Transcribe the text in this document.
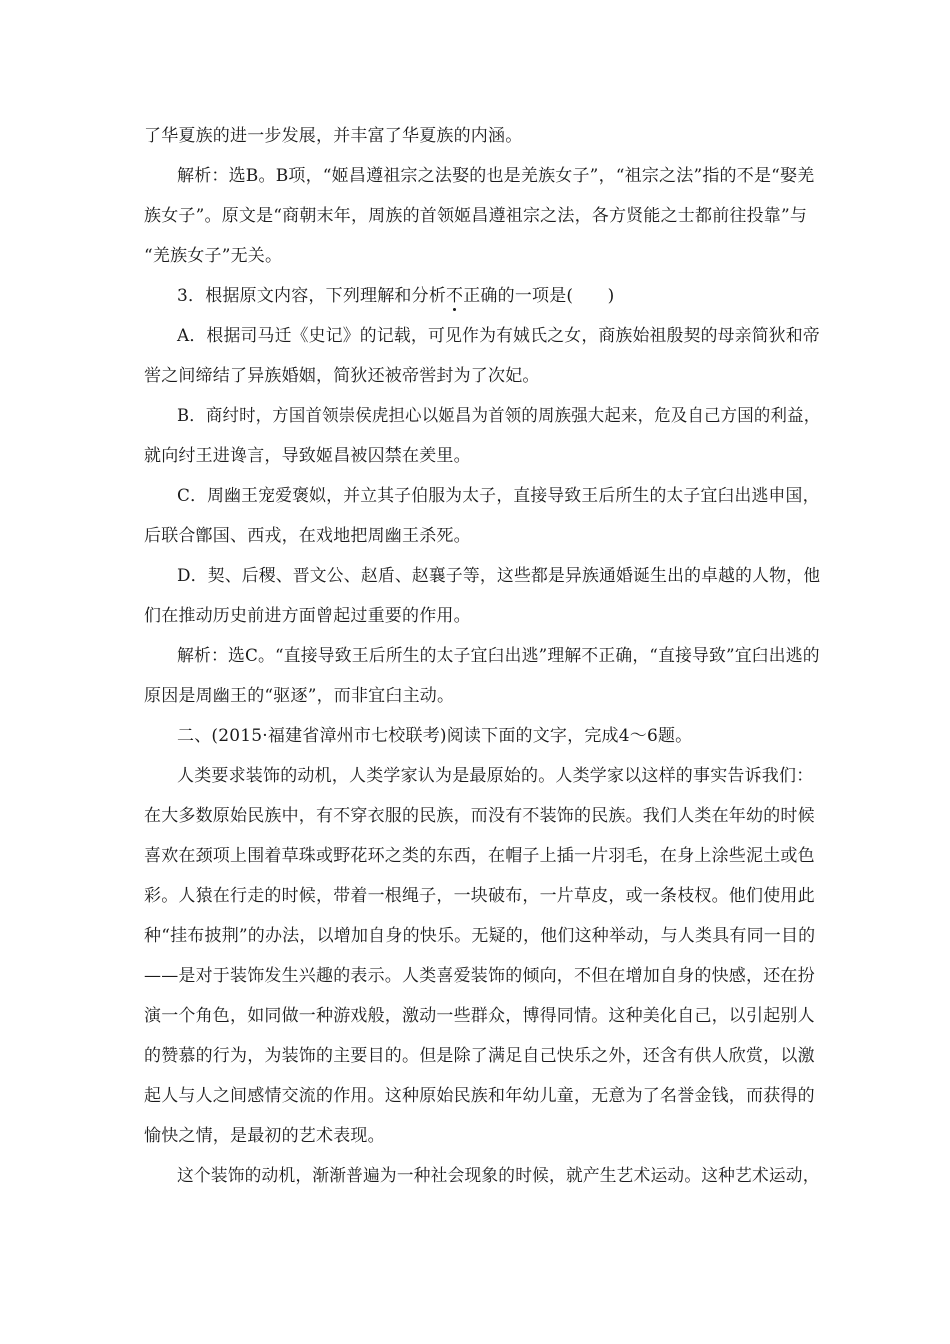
了华夏族的进一步发展，并丰富了华夏族的内涵。
解析：选B。B项，“姬昌遵祖宗之法娶的也是羌族女子”，“祖宗之法”指的不是“娶羌
族女子”。原文是“商朝末年，周族的首领姬昌遵祖宗之法，各方贤能之士都前往投靠”与
“羌族女子”无关。
3．根据原文内容，下列理解和分析不正确的一项是(　　)
A．根据司马迁《史记》的记载，可见作为有娀氏之女，商族始祖殷契的母亲简狄和帝
喾之间缔结了异族婚姻，简狄还被帝喾封为了次妃。
B．商纣时，方国首领崇侯虎担心以姬昌为首领的周族强大起来，危及自己方国的利益，
就向纣王进谗言，导致姬昌被囚禁在羑里。
C．周幽王宠爱褒姒，并立其子伯服为太子，直接导致王后所生的太子宜臼出逃申国，
后联合鄫国、西戎，在戏地把周幽王杀死。
D．契、后稷、晋文公、赵盾、赵襄子等，这些都是异族通婚诞生出的卓越的人物，他
们在推动历史前进方面曾起过重要的作用。
解析：选C。“直接导致王后所生的太子宜臼出逃”理解不正确，“直接导致”宜臼出逃的
原因是周幽王的“驱逐”，而非宜臼主动。
二、(2015·福建省漳州市七校联考)阅读下面的文字，完成4～6题。
人类要求装饰的动机，人类学家认为是最原始的。人类学家以这样的事实告诉我们：
在大多数原始民族中，有不穿衣服的民族，而没有不装饰的民族。我们人类在年幼的时候
喜欢在颈项上围着草珠或野花环之类的东西，在帽子上插一片羽毛，在身上涂些泥土或色
彩。人猿在行走的时候，带着一根绳子，一块破布，一片草皮，或一条枝杈。他们使用此
种“挂布披荆”的办法，以增加自身的快乐。无疑的，他们这种举动，与人类具有同一目的
——是对于装饰发生兴趣的表示。人类喜爱装饰的倾向，不但在增加自身的快感，还在扮
演一个角色，如同做一种游戏般，激动一些群众，博得同情。这种美化自己，以引起别人
的赞慕的行为，为装饰的主要目的。但是除了满足自己快乐之外，还含有供人欣赏，以激
起人与人之间感情交流的作用。这种原始民族和年幼儿童，无意为了名誉金钱，而获得的
愉快之情，是最初的艺术表现。
这个装饰的动机，渐渐普遍为一种社会现象的时候，就产生艺术运动。这种艺术运动，
